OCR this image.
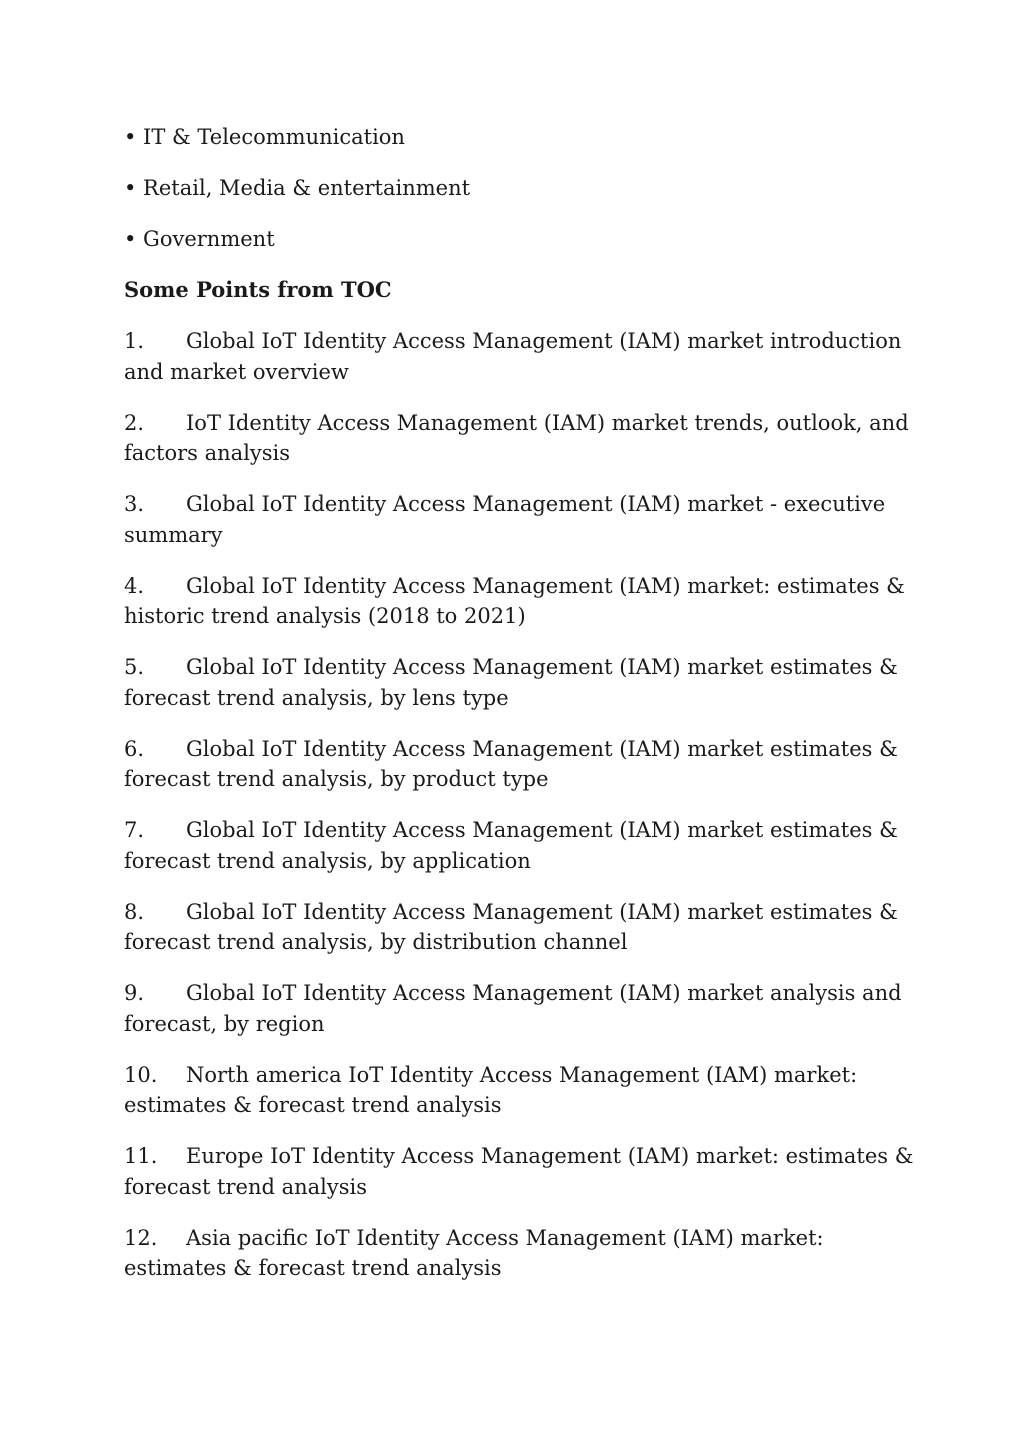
• IT & Telecommunication
• Retail, Media & entertainment
• Government
Some Points from TOC
1. Global IoT Identity Access Management (IAM) market introduction and market overview
2. IoT Identity Access Management (IAM) market trends, outlook, and factors analysis
3. Global IoT Identity Access Management (IAM) market - executive summary
4. Global IoT Identity Access Management (IAM) market: estimates & historic trend analysis (2018 to 2021)
5. Global IoT Identity Access Management (IAM) market estimates & forecast trend analysis, by lens type
6. Global IoT Identity Access Management (IAM) market estimates & forecast trend analysis, by product type
7. Global IoT Identity Access Management (IAM) market estimates & forecast trend analysis, by application
8. Global IoT Identity Access Management (IAM) market estimates & forecast trend analysis, by distribution channel
9. Global IoT Identity Access Management (IAM) market analysis and forecast, by region
10. North america IoT Identity Access Management (IAM) market: estimates & forecast trend analysis
11. Europe IoT Identity Access Management (IAM) market: estimates & forecast trend analysis
12. Asia pacific IoT Identity Access Management (IAM) market: estimates & forecast trend analysis
